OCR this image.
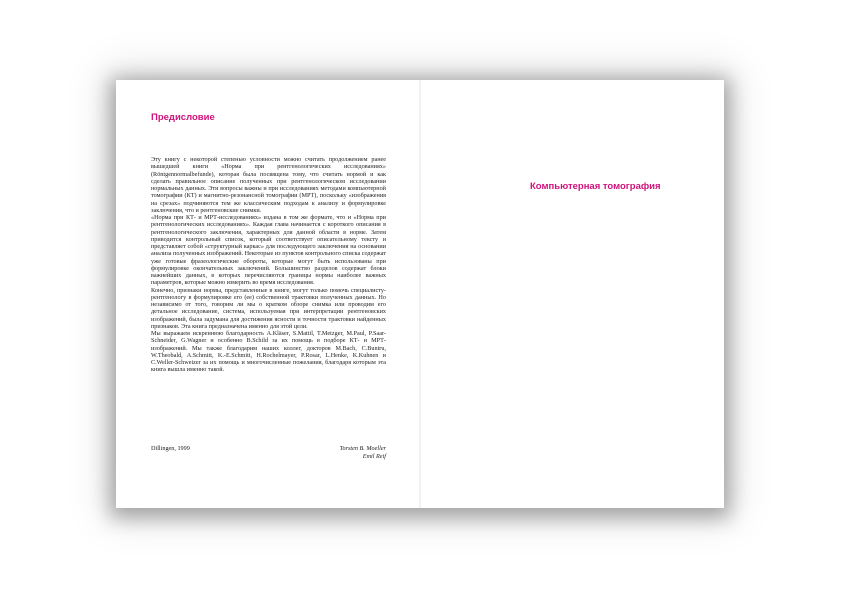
Предисловие

Эту книгу с некоторой степенью условности можно считать продолжением ранее вышедшей книги «Норма при рентгенологических исследованиях» (Röntgennormalbefunde), которая была посвящена тому, что считать нормой и как сделать правильное описание полученных при рентгенологическом исследовании нормальных данных. Эти вопросы важны и при исследованиях методами компьютерной томографии (КТ) и магнитно-резонансной томографии (МРТ), поскольку «изображения на срезах» подчиняются тем же классическим подходам к анализу и формулировке заключения, что и рентгеновские снимки.

«Норма при КТ- и МРТ-исследованиях» издана в том же формате, что и «Норма при рентгенологических исследованиях». Каждая глава начинается с короткого описания в рентгенологического заключения, характерных для данной области в норме. Затем приводится контрольный список, который соответствует описательному тексту и представляет собой «структурный каркас» для последующего заключения на основании анализа полученных изображений. Некоторые из пунктов контрольного списка содержат уже готовые фразеологические обороты, которые могут быть использованы при формулировке окончательных заключений. Большинство разделов содержат блоки важнейших данных, в которых перечисляются границы нормы наиболее важных параметров, которые можно измерить во время исследования.

Конечно, признаки нормы, представленные в книге, могут только помочь специалисту-рентгенологу в формулировке его (ее) собственной трактовки полученных данных. Но независимо от того, говорим ли мы о кратком обзоре снимка или проводим его детальное исследование, система, используемая при интерпретации рентгеновских изображений, была задумана для достижения ясности и точности трактовки найденных признаков. Эта книга предназначена именно для этой цели.

Мы выражаем искреннюю благодарность A.Kläser, S.Mattil, T.Metzger, M.Paul, P.Saar-Schneider, G.Wagner и особенно B.Schild за их помощь в подборе КТ- и МРТ-изображений. Мы также благодарим наших коллег, докторов M.Bach, C.Buntru, W.Theobald, A.Schmitt, K.-E.Schmitt, H.Rochelmayer, P.Rosar, L.Henke, K.Kuhnen и C.Weller-Schweizer за их помощь и многочисленные пожелания, благодаря которым эта книга вышла именно такой.

Dillingen, 1999	Torsten B. Moeller
Emil Reif
Компьютерная томография
